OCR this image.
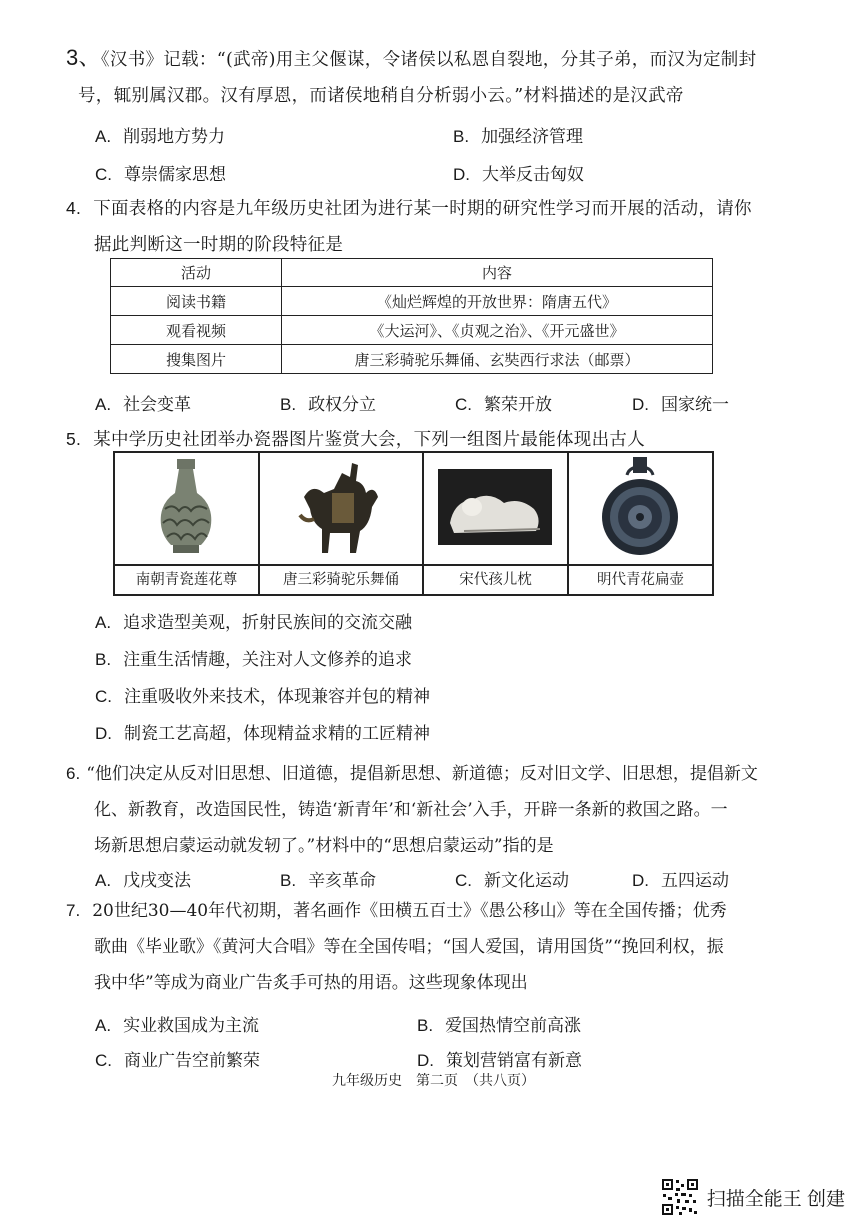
3、《汉书》记载：“(武帝)用主父偃谋，令诸侯以私恩自裂地，分其子弟，而汉为定制封
号，辄别属汉郡。汉有厚恩，而诸侯地稍自分析弱小云。”材料描述的是汉武帝
A. 削弱地方势力	B. 加强经济管理
C. 尊崇儒家思想	D. 大举反击匈奴
4. 下面表格的内容是九年级历史社团为进行某一时期的研究性学习而开展的活动，请你
据此判断这一时期的阶段特征是
活动	内容
阅读书籍	《灿烂辉煌的开放世界：隋唐五代》
观看视频	《大运河》、《贞观之治》、《开元盛世》
搜集图片	唐三彩骑驼乐舞俑、玄奘西行求法（邮票）
A. 社会变革	B. 政权分立	C. 繁荣开放	D. 国家统一
5. 某中学历史社团举办瓷器图片鉴赏大会，下列一组图片最能体现出古人
南朝青瓷莲花尊	唐三彩骑驼乐舞俑	宋代孩儿枕	明代青花扁壶
A. 追求造型美观，折射民族间的交流交融
B. 注重生活情趣，关注对人文修养的追求
C. 注重吸收外来技术，体现兼容并包的精神
D. 制瓷工艺高超，体现精益求精的工匠精神
6. “他们决定从反对旧思想、旧道德，提倡新思想、新道德；反对旧文学、旧思想，提倡新文
化、新教育，改造国民性，铸造‘新青年’和‘新社会’入手，开辟一条新的救国之路。一
场新思想启蒙运动就发轫了。”材料中的“思想启蒙运动”指的是
A. 戊戌变法	B. 辛亥革命	C. 新文化运动	D. 五四运动
7. 20世纪30—40年代初期，著名画作《田横五百士》《愚公移山》等在全国传播；优秀
歌曲《毕业歌》《黄河大合唱》等在全国传唱；“国人爱国，请用国货”“挽回利权，振
我中华”等成为商业广告炙手可热的用语。这些现象体现出
A. 实业救国成为主流	B. 爱国热情空前高涨
C. 商业广告空前繁荣	D. 策划营销富有新意
九年级历史　第二页　（共八页）
扫描全能王 创建
